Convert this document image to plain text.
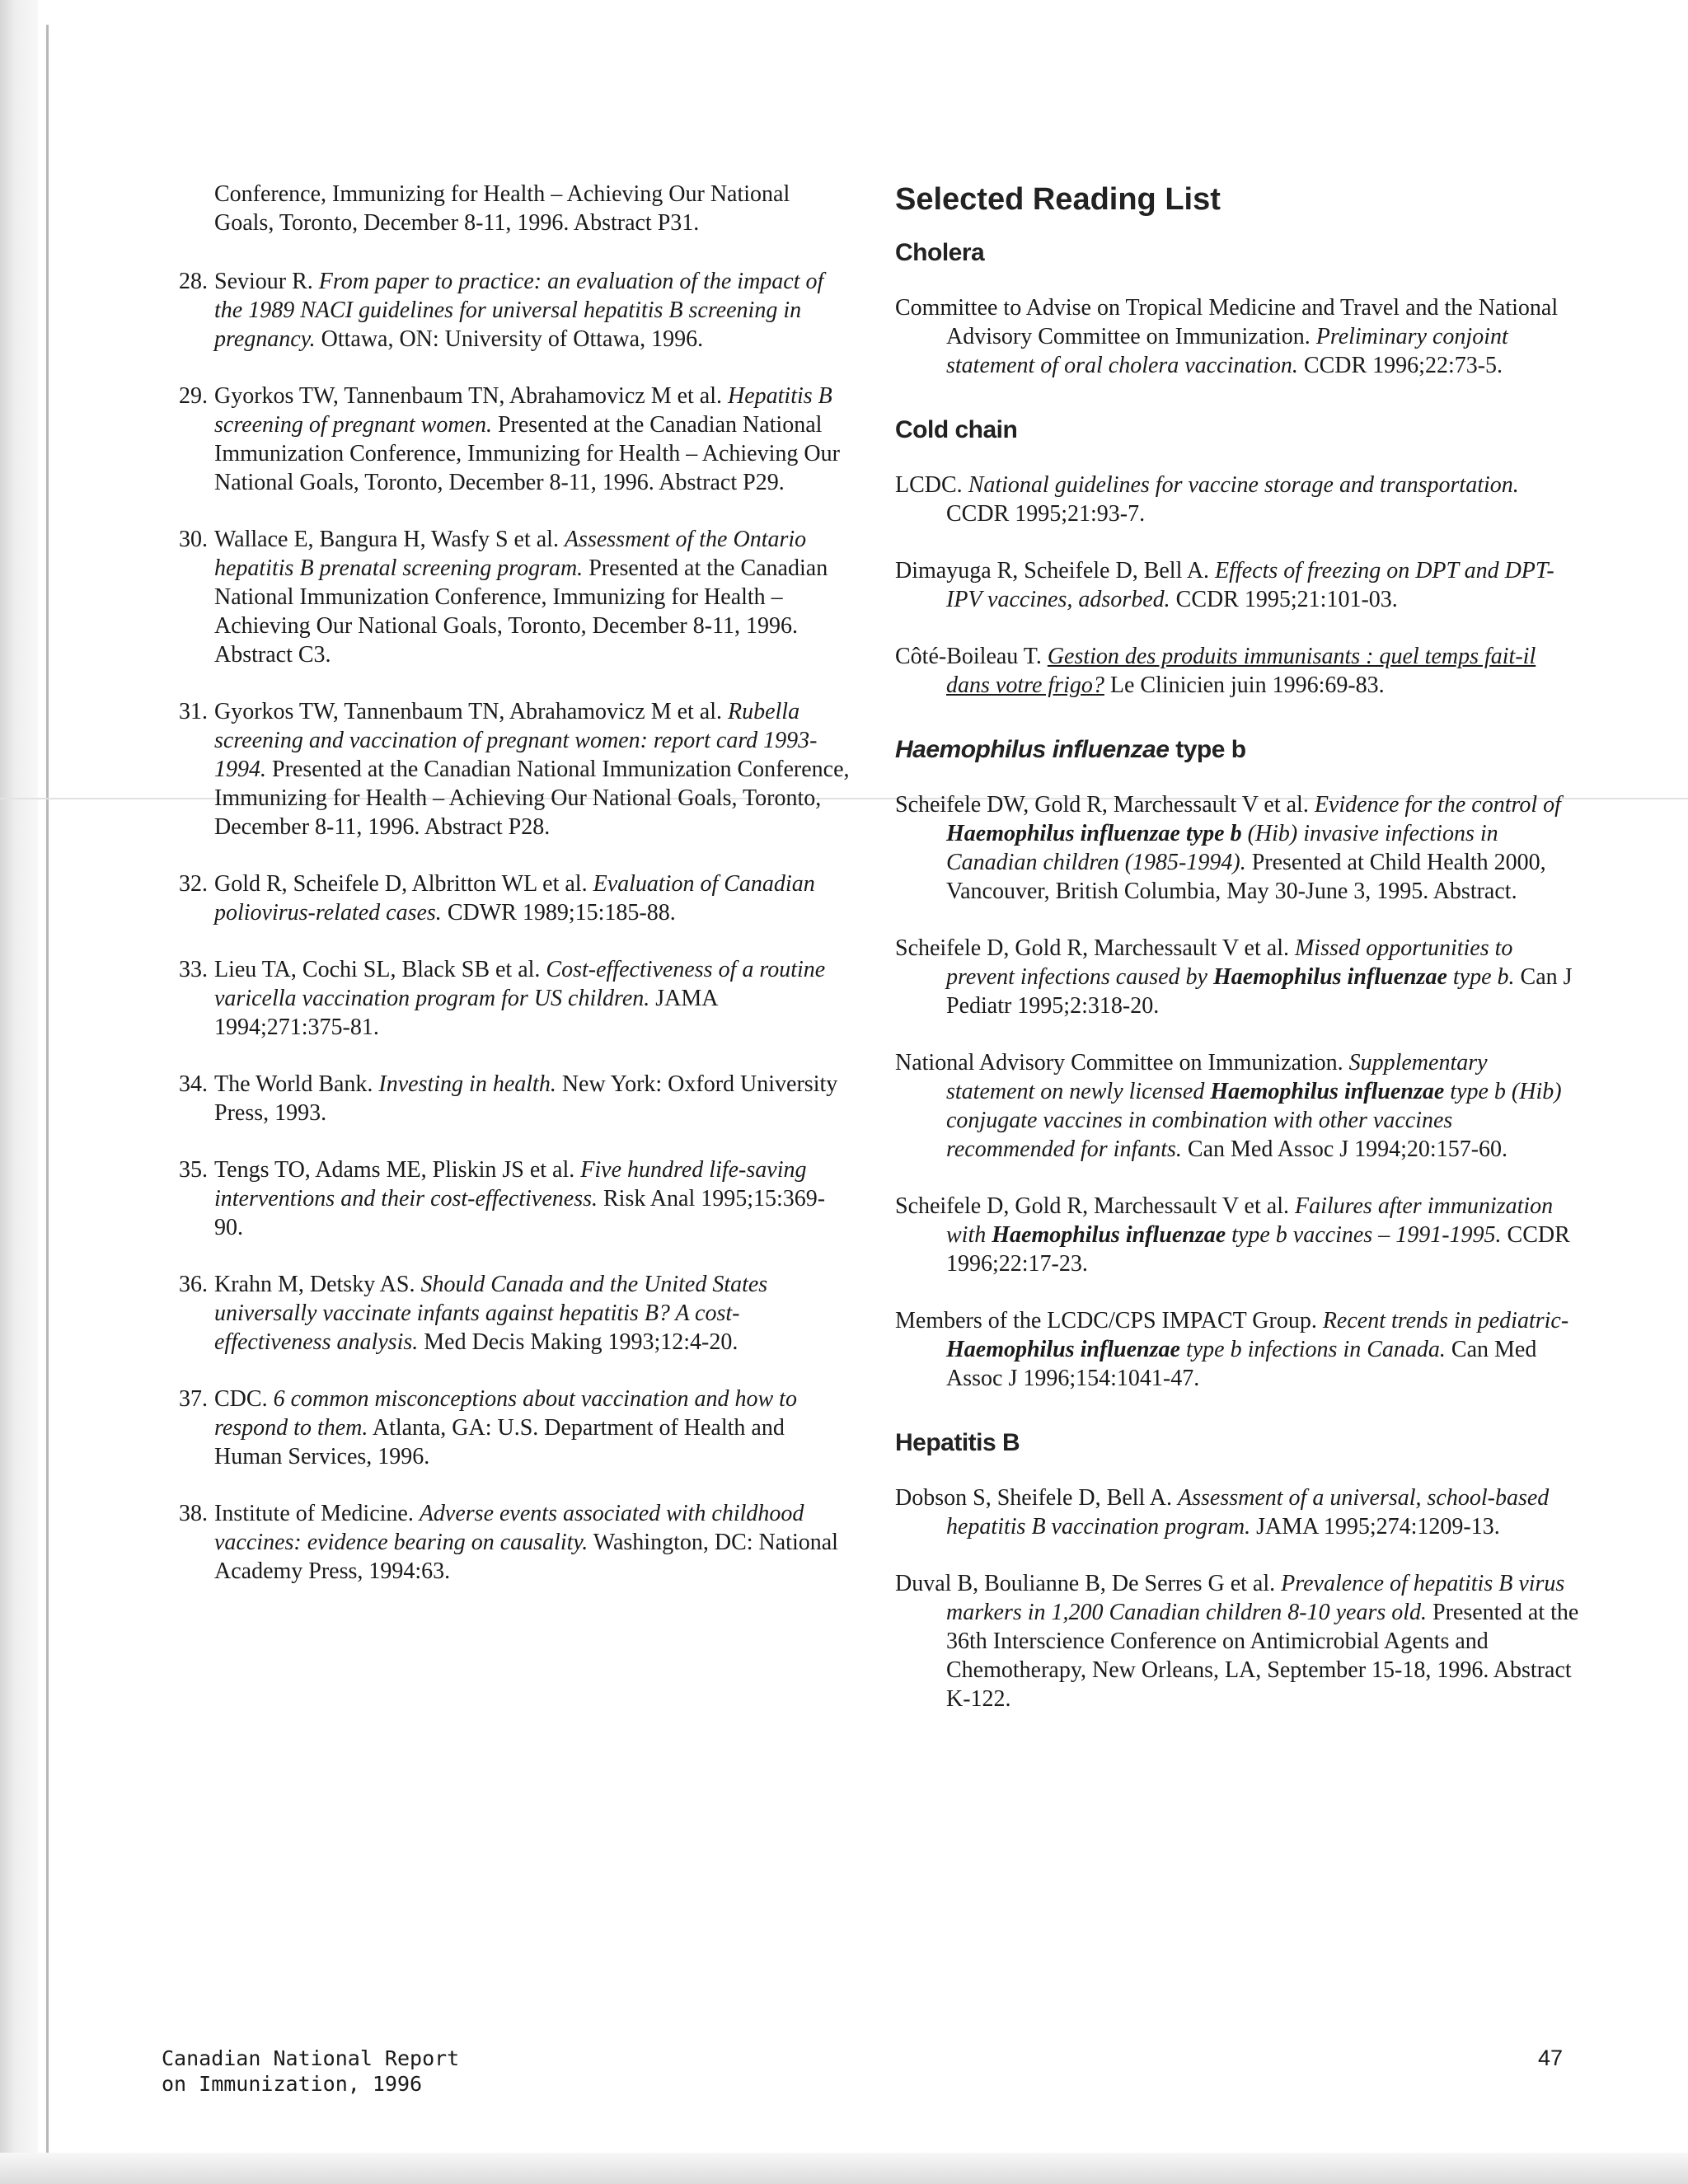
Conference, Immunizing for Health – Achieving Our National Goals, Toronto, December 8-11, 1996. Abstract P31.
28 . Seviour R. From paper to practice: an evaluation of the impact of the 1989 NACI guidelines for universal hepatitis B screening in pregnancy. Ottawa, ON: University of Ottawa, 1996.
29 . Gyorkos TW, Tannenbaum TN, Abrahamovicz M et al. Hepatitis B screening of pregnant women. Presented at the Canadian National Immunization Conference, Immunizing for Health – Achieving Our National Goals, Toronto, December 8-11, 1996. Abstract P29.
30 . Wallace E, Bangura H, Wasfy S et al. Assessment of the Ontario hepatitis B prenatal screening program. Presented at the Canadian National Immunization Conference, Immunizing for Health – Achieving Our National Goals, Toronto, December 8-11, 1996. Abstract C3.
31 . Gyorkos TW, Tannenbaum TN, Abrahamovicz M et al. Rubella screening and vaccination of pregnant women: report card 1993-1994. Presented at the Canadian National Immunization Conference, Immunizing for Health – Achieving Our National Goals, Toronto, December 8-11, 1996. Abstract P28.
32 . Gold R, Scheifele D, Albritton WL et al. Evaluation of Canadian poliovirus-related cases. CDWR 1989;15:185-88.
33 . Lieu TA, Cochi SL, Black SB et al. Cost-effectiveness of a routine varicella vaccination program for US children. JAMA 1994;271:375-81.
34 . The World Bank. Investing in health. New York: Oxford University Press, 1993.
35 . Tengs TO, Adams ME, Pliskin JS et al. Five hundred life-saving interventions and their cost-effectiveness. Risk Anal 1995;15:369-90.
36 . Krahn M, Detsky AS. Should Canada and the United States universally vaccinate infants against hepatitis B? A cost-effectiveness analysis. Med Decis Making 1993;12:4-20.
37 . CDC. 6 common misconceptions about vaccination and how to respond to them. Atlanta, GA: U.S. Department of Health and Human Services, 1996.
38 . Institute of Medicine. Adverse events associated with childhood vaccines: evidence bearing on causality. Washington, DC: National Academy Press, 1994:63.
Selected Reading List
Cholera
Committee to Advise on Tropical Medicine and Travel and the National Advisory Committee on Immunization. Preliminary conjoint statement of oral cholera vaccination. CCDR 1996;22:73-5.
Cold chain
LCDC. National guidelines for vaccine storage and transportation. CCDR 1995;21:93-7.
Dimayuga R, Scheifele D, Bell A. Effects of freezing on DPT and DPT-IPV vaccines, adsorbed. CCDR 1995;21:101-03.
Côté-Boileau T. Gestion des produits immunisants : quel temps fait-il dans votre frigo? Le Clinicien juin 1996:69-83.
Haemophilus influenzae type b
Scheifele DW, Gold R, Marchessault V et al. Evidence for the control of Haemophilus influenzae type b (Hib) invasive infections in Canadian children (1985-1994). Presented at Child Health 2000, Vancouver, British Columbia, May 30-June 3, 1995. Abstract.
Scheifele D, Gold R, Marchessault V et al. Missed opportunities to prevent infections caused by Haemophilus influenzae type b. Can J Pediatr 1995;2:318-20.
National Advisory Committee on Immunization. Supplementary statement on newly licensed Haemophilus influenzae type b (Hib) conjugate vaccines in combination with other vaccines recommended for infants. Can Med Assoc J 1994;20:157-60.
Scheifele D, Gold R, Marchessault V et al. Failures after immunization with Haemophilus influenzae type b vaccines – 1991-1995. CCDR 1996;22:17-23.
Members of the LCDC/CPS IMPACT Group. Recent trends in pediatric-Haemophilus influenzae type b infections in Canada. Can Med Assoc J 1996;154:1041-47.
Hepatitis B
Dobson S, Sheifele D, Bell A. Assessment of a universal, school-based hepatitis B vaccination program. JAMA 1995;274:1209-13.
Duval B, Boulianne B, De Serres G et al. Prevalence of hepatitis B virus markers in 1,200 Canadian children 8-10 years old. Presented at the 36th Interscience Conference on Antimicrobial Agents and Chemotherapy, New Orleans, LA, September 15-18, 1996. Abstract K-122.
Canadian National Report
on Immunization, 1996
47
